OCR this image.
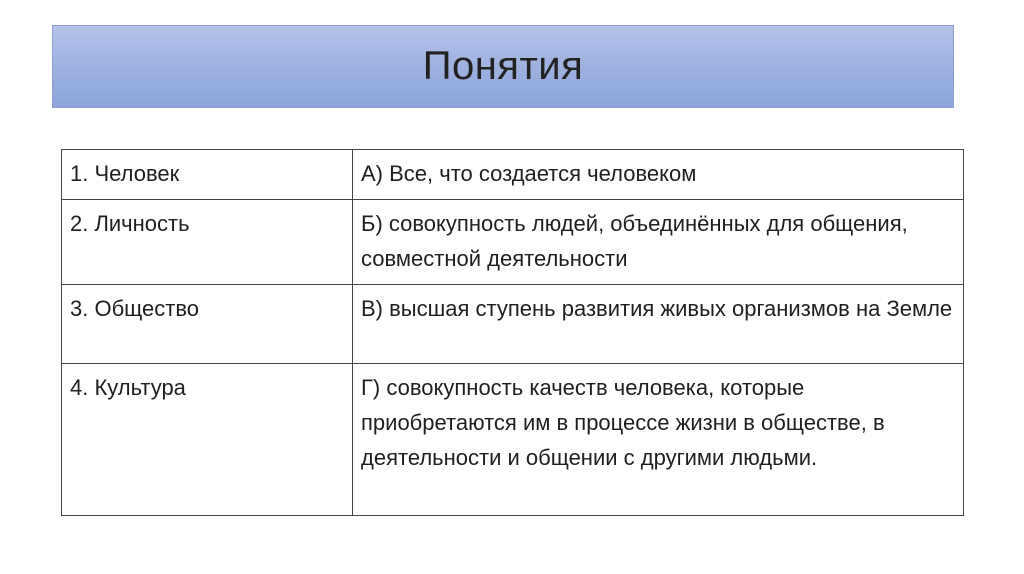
Понятия
1. Человек	А) Все, что создается человеком
2. Личность	Б) совокупность людей, объединённых для общения, совместной деятельности
3. Общество	В) высшая ступень развития живых организмов на Земле
4. Культура	Г) совокупность качеств человека, которые приобретаются им в процессе жизни в обществе, в деятельности и общении с другими людьми.
